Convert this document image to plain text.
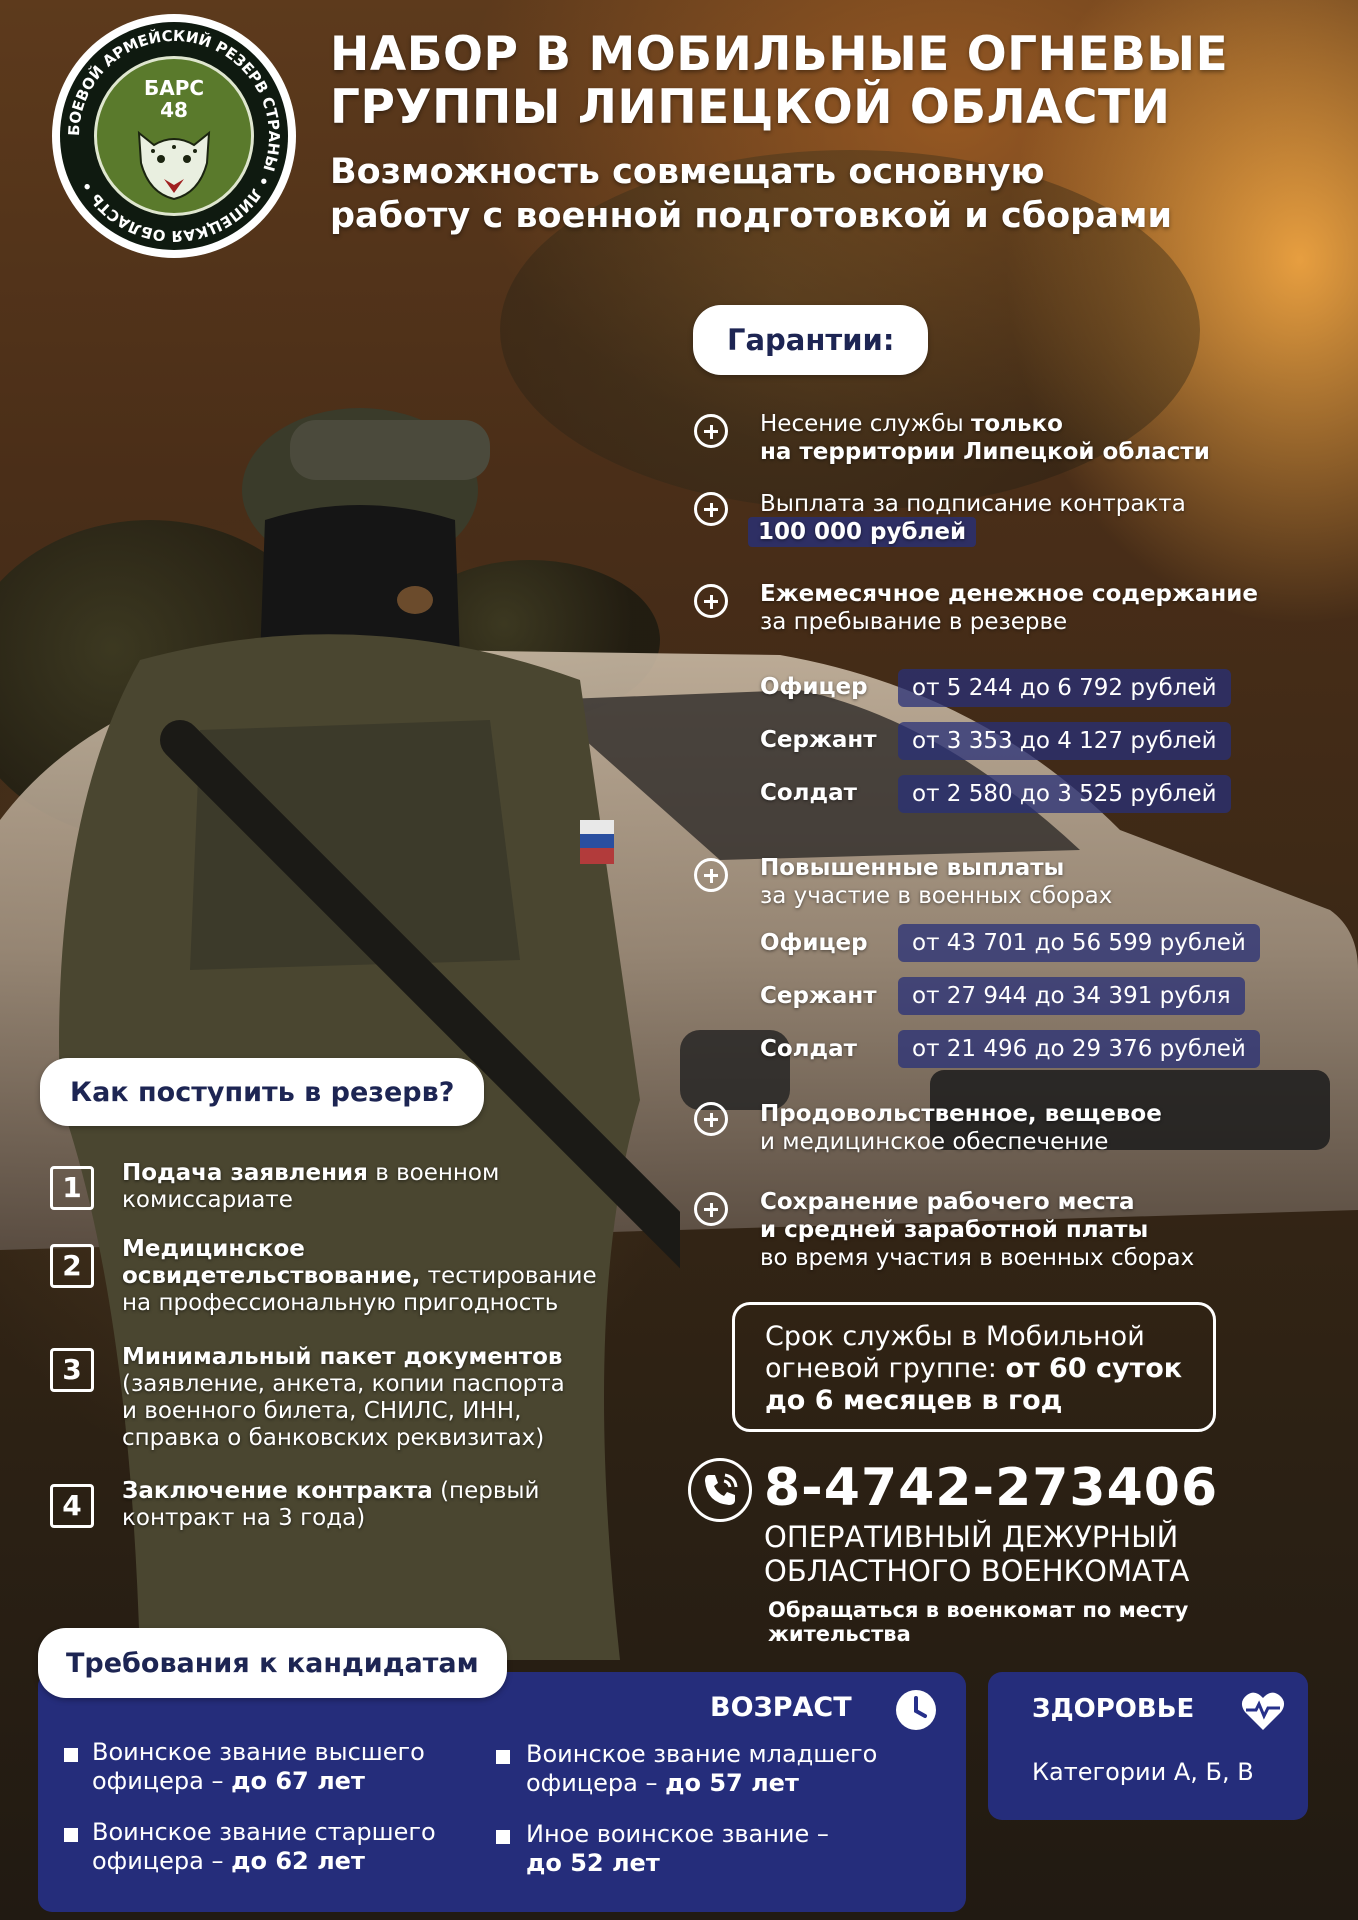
БОЕВОЙ АРМЕЙСКИЙ РЕЗЕРВ СТРАНЫ • ЛИПЕЦКАЯ ОБЛАСТЬ •
БАРС
48
НАБОР В МОБИЛЬНЫЕ ОГНЕВЫЕ
ГРУППЫ ЛИПЕЦКОЙ ОБЛАСТИ
Возможность совмещать основную
работу с военной подготовкой и сборами
Гарантии:
Несение службы только
на территории Липецкой области
Выплата за подписание контракта
100 000 рублей
Ежемесячное денежное содержание
за пребывание в резерве
Офицер	от 5 244 до 6 792 рублей
Сержант	от 3 353 до 4 127 рублей
Солдат	от 2 580 до 3 525 рублей
Повышенные выплаты
за участие в военных сборах
Офицер	от 43 701 до 56 599 рублей
Сержант	от 27 944 до 34 391 рубля
Солдат	от 21 496 до 29 376 рублей
Продовольственное, вещевое
и медицинское обеспечение
Сохранение рабочего места
и средней заработной платы
во время участия в военных сборах
Срок службы в Мобильной
огневой группе: от 60 суток
до 6 месяцев в год
8-4742-273406
ОПЕРАТИВНЫЙ ДЕЖУРНЫЙ
ОБЛАСТНОГО ВОЕНКОМАТА
Обращаться в военкомат по месту
жительства
Как поступить в резерв?
1	Подача заявления в военном
комиссариате
2	Медицинское
освидетельствование, тестирование
на профессиональную пригодность
3	Минимальный пакет документов
(заявление, анкета, копии паспорта
и военного билета, СНИЛС, ИНН,
справка о банковских реквизитах)
4	Заключение контракта (первый
контракт на 3 года)
Требования к кандидатам
ВОЗРАСТ
Воинское звание высшего
офицера – до 67 лет
Воинское звание младшего
офицера – до 57 лет
Воинское звание старшего
офицера – до 62 лет
Иное воинское звание –
до 52 лет
ЗДОРОВЬЕ
Категории А, Б, В
